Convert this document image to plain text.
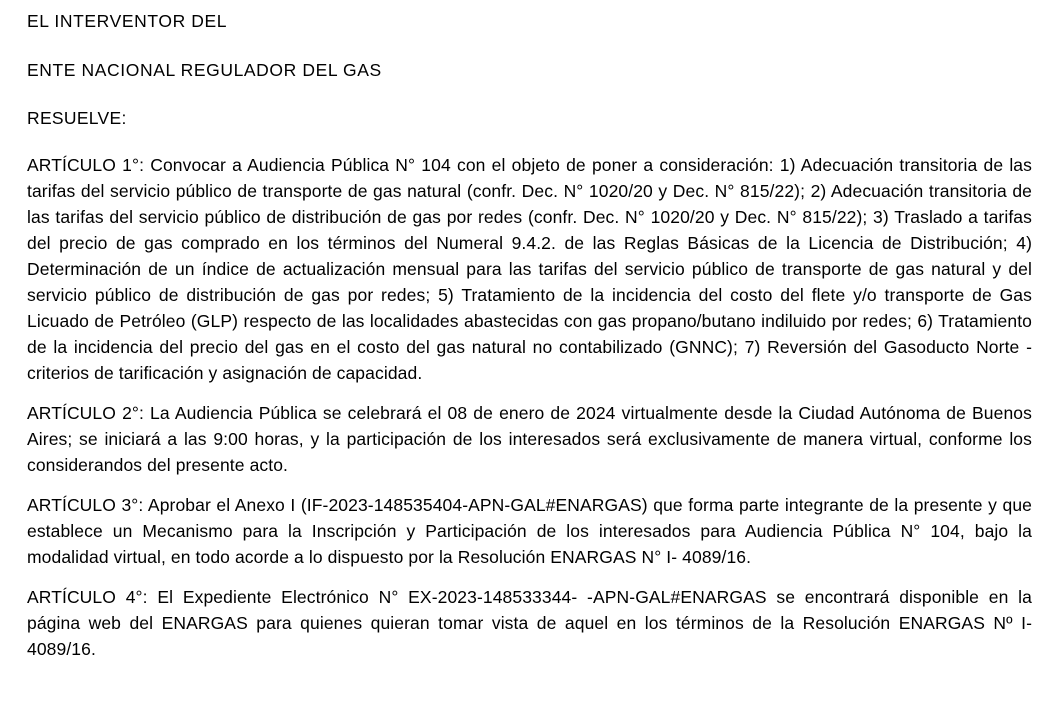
EL INTERVENTOR DEL

ENTE NACIONAL REGULADOR DEL GAS

RESUELVE:

ARTÍCULO 1°: Convocar a Audiencia Pública N° 104 con el objeto de poner a consideración: 1) Adecuación transitoria de las tarifas del servicio público de transporte de gas natural (confr. Dec. N° 1020/20 y Dec. N° 815/22); 2) Adecuación transitoria de las tarifas del servicio público de distribución de gas por redes (confr. Dec. N° 1020/20 y Dec. N° 815/22); 3) Traslado a tarifas del precio de gas comprado en los términos del Numeral 9.4.2. de las Reglas Básicas de la Licencia de Distribución; 4) Determinación de un índice de actualización mensual para las tarifas del servicio público de transporte de gas natural y del servicio público de distribución de gas por redes; 5) Tratamiento de la incidencia del costo del flete y/o transporte de Gas Licuado de Petróleo (GLP) respecto de las localidades abastecidas con gas propano/butano indiluido por redes; 6) Tratamiento de la incidencia del precio del gas en el costo del gas natural no contabilizado (GNNC); 7) Reversión del Gasoducto Norte - criterios de tarificación y asignación de capacidad.

ARTÍCULO 2°: La Audiencia Pública se celebrará el 08 de enero de 2024 virtualmente desde la Ciudad Autónoma de Buenos Aires; se iniciará a las 9:00 horas, y la participación de los interesados será exclusivamente de manera virtual, conforme los considerandos del presente acto.

ARTÍCULO 3°: Aprobar el Anexo I (IF-2023-148535404-APN-GAL#ENARGAS) que forma parte integrante de la presente y que establece un Mecanismo para la Inscripción y Participación de los interesados para Audiencia Pública N° 104, bajo la modalidad virtual, en todo acorde a lo dispuesto por la Resolución ENARGAS N° I- 4089/16.

ARTÍCULO 4°: El Expediente Electrónico N° EX-2023-148533344- -APN-GAL#ENARGAS se encontrará disponible en la página web del ENARGAS para quienes quieran tomar vista de aquel en los términos de la Resolución ENARGAS Nº I-4089/16.
